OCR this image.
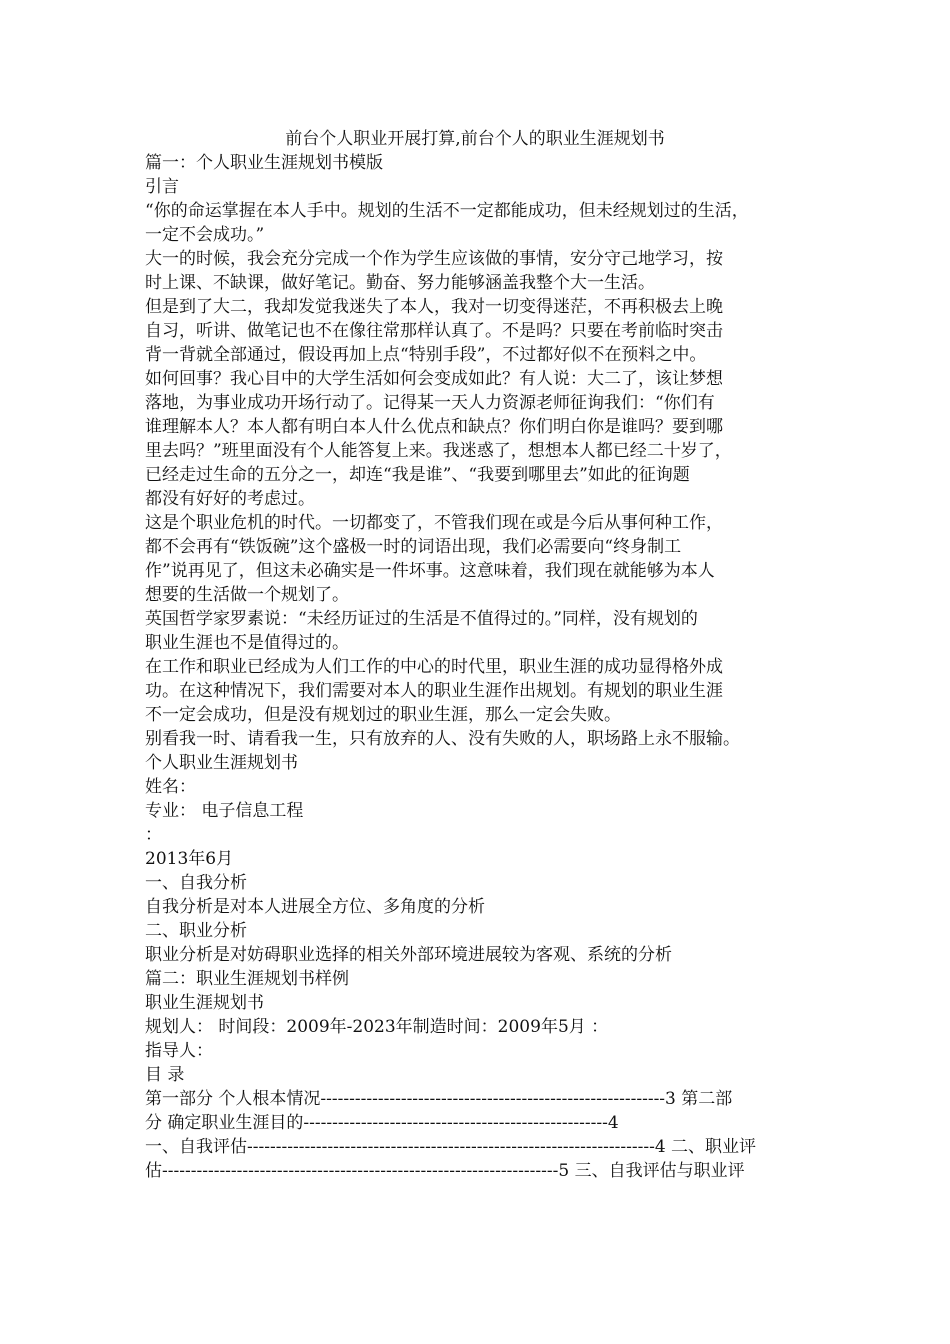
前台个人职业开展打算,前台个人的职业生涯规划书
篇一：个人职业生涯规划书模版
引言
“你的命运掌握在本人手中。规划的生活不一定都能成功，但未经规划过的生活，
一定不会成功。”
大一的时候，我会充分完成一个作为学生应该做的事情，安分守己地学习，按
时上课、不缺课，做好笔记。勤奋、努力能够涵盖我整个大一生活。
但是到了大二，我却发觉我迷失了本人，我对一切变得迷茫，不再积极去上晚
自习，听讲、做笔记也不在像往常那样认真了。不是吗？只要在考前临时突击
背一背就全部通过，假设再加上点“特别手段”，不过都好似不在预料之中。
如何回事？我心目中的大学生活如何会变成如此？有人说：大二了，该让梦想
落地，为事业成功开场行动了。记得某一天人力资源老师征询我们：“你们有
谁理解本人？本人都有明白本人什么优点和缺点？你们明白你是谁吗？要到哪
里去吗？”班里面没有个人能答复上来。我迷惑了，想想本人都已经二十岁了，
已经走过生命的五分之一，却连“我是谁”、“我要到哪里去”如此的征询题
都没有好好的考虑过。
这是个职业危机的时代。一切都变了，不管我们现在或是今后从事何种工作，
都不会再有“铁饭碗”这个盛极一时的词语出现，我们必需要向“终身制工
作”说再见了，但这未必确实是一件坏事。这意味着，我们现在就能够为本人
想要的生活做一个规划了。
英国哲学家罗素说：“未经历证过的生活是不值得过的。”同样，没有规划的
职业生涯也不是值得过的。
在工作和职业已经成为人们工作的中心的时代里，职业生涯的成功显得格外成
功。在这种情况下，我们需要对本人的职业生涯作出规划。有规划的职业生涯
不一定会成功，但是没有规划过的职业生涯，那么一定会失败。
别看我一时、请看我一生，只有放弃的人、没有失败的人，职场路上永不服输。
个人职业生涯规划书
姓名：
专业： 电子信息工程
：
2013年6月
一、自我分析
自我分析是对本人进展全方位、多角度的分析
二、职业分析
职业分析是对妨碍职业选择的相关外部环境进展较为客观、系统的分析
篇二：职业生涯规划书样例
职业生涯规划书
规划人： 时间段：2009年-2023年制造时间：2009年5月 ：
指导人：
目 录
第一部分 个人根本情况------------------------------------------------------------3 第二部
分 确定职业生涯目的-----------------------------------------------------4
一、自我评估-----------------------------------------------------------------------4 二、职业评
估---------------------------------------------------------------------5 三、自我评估与职业评
